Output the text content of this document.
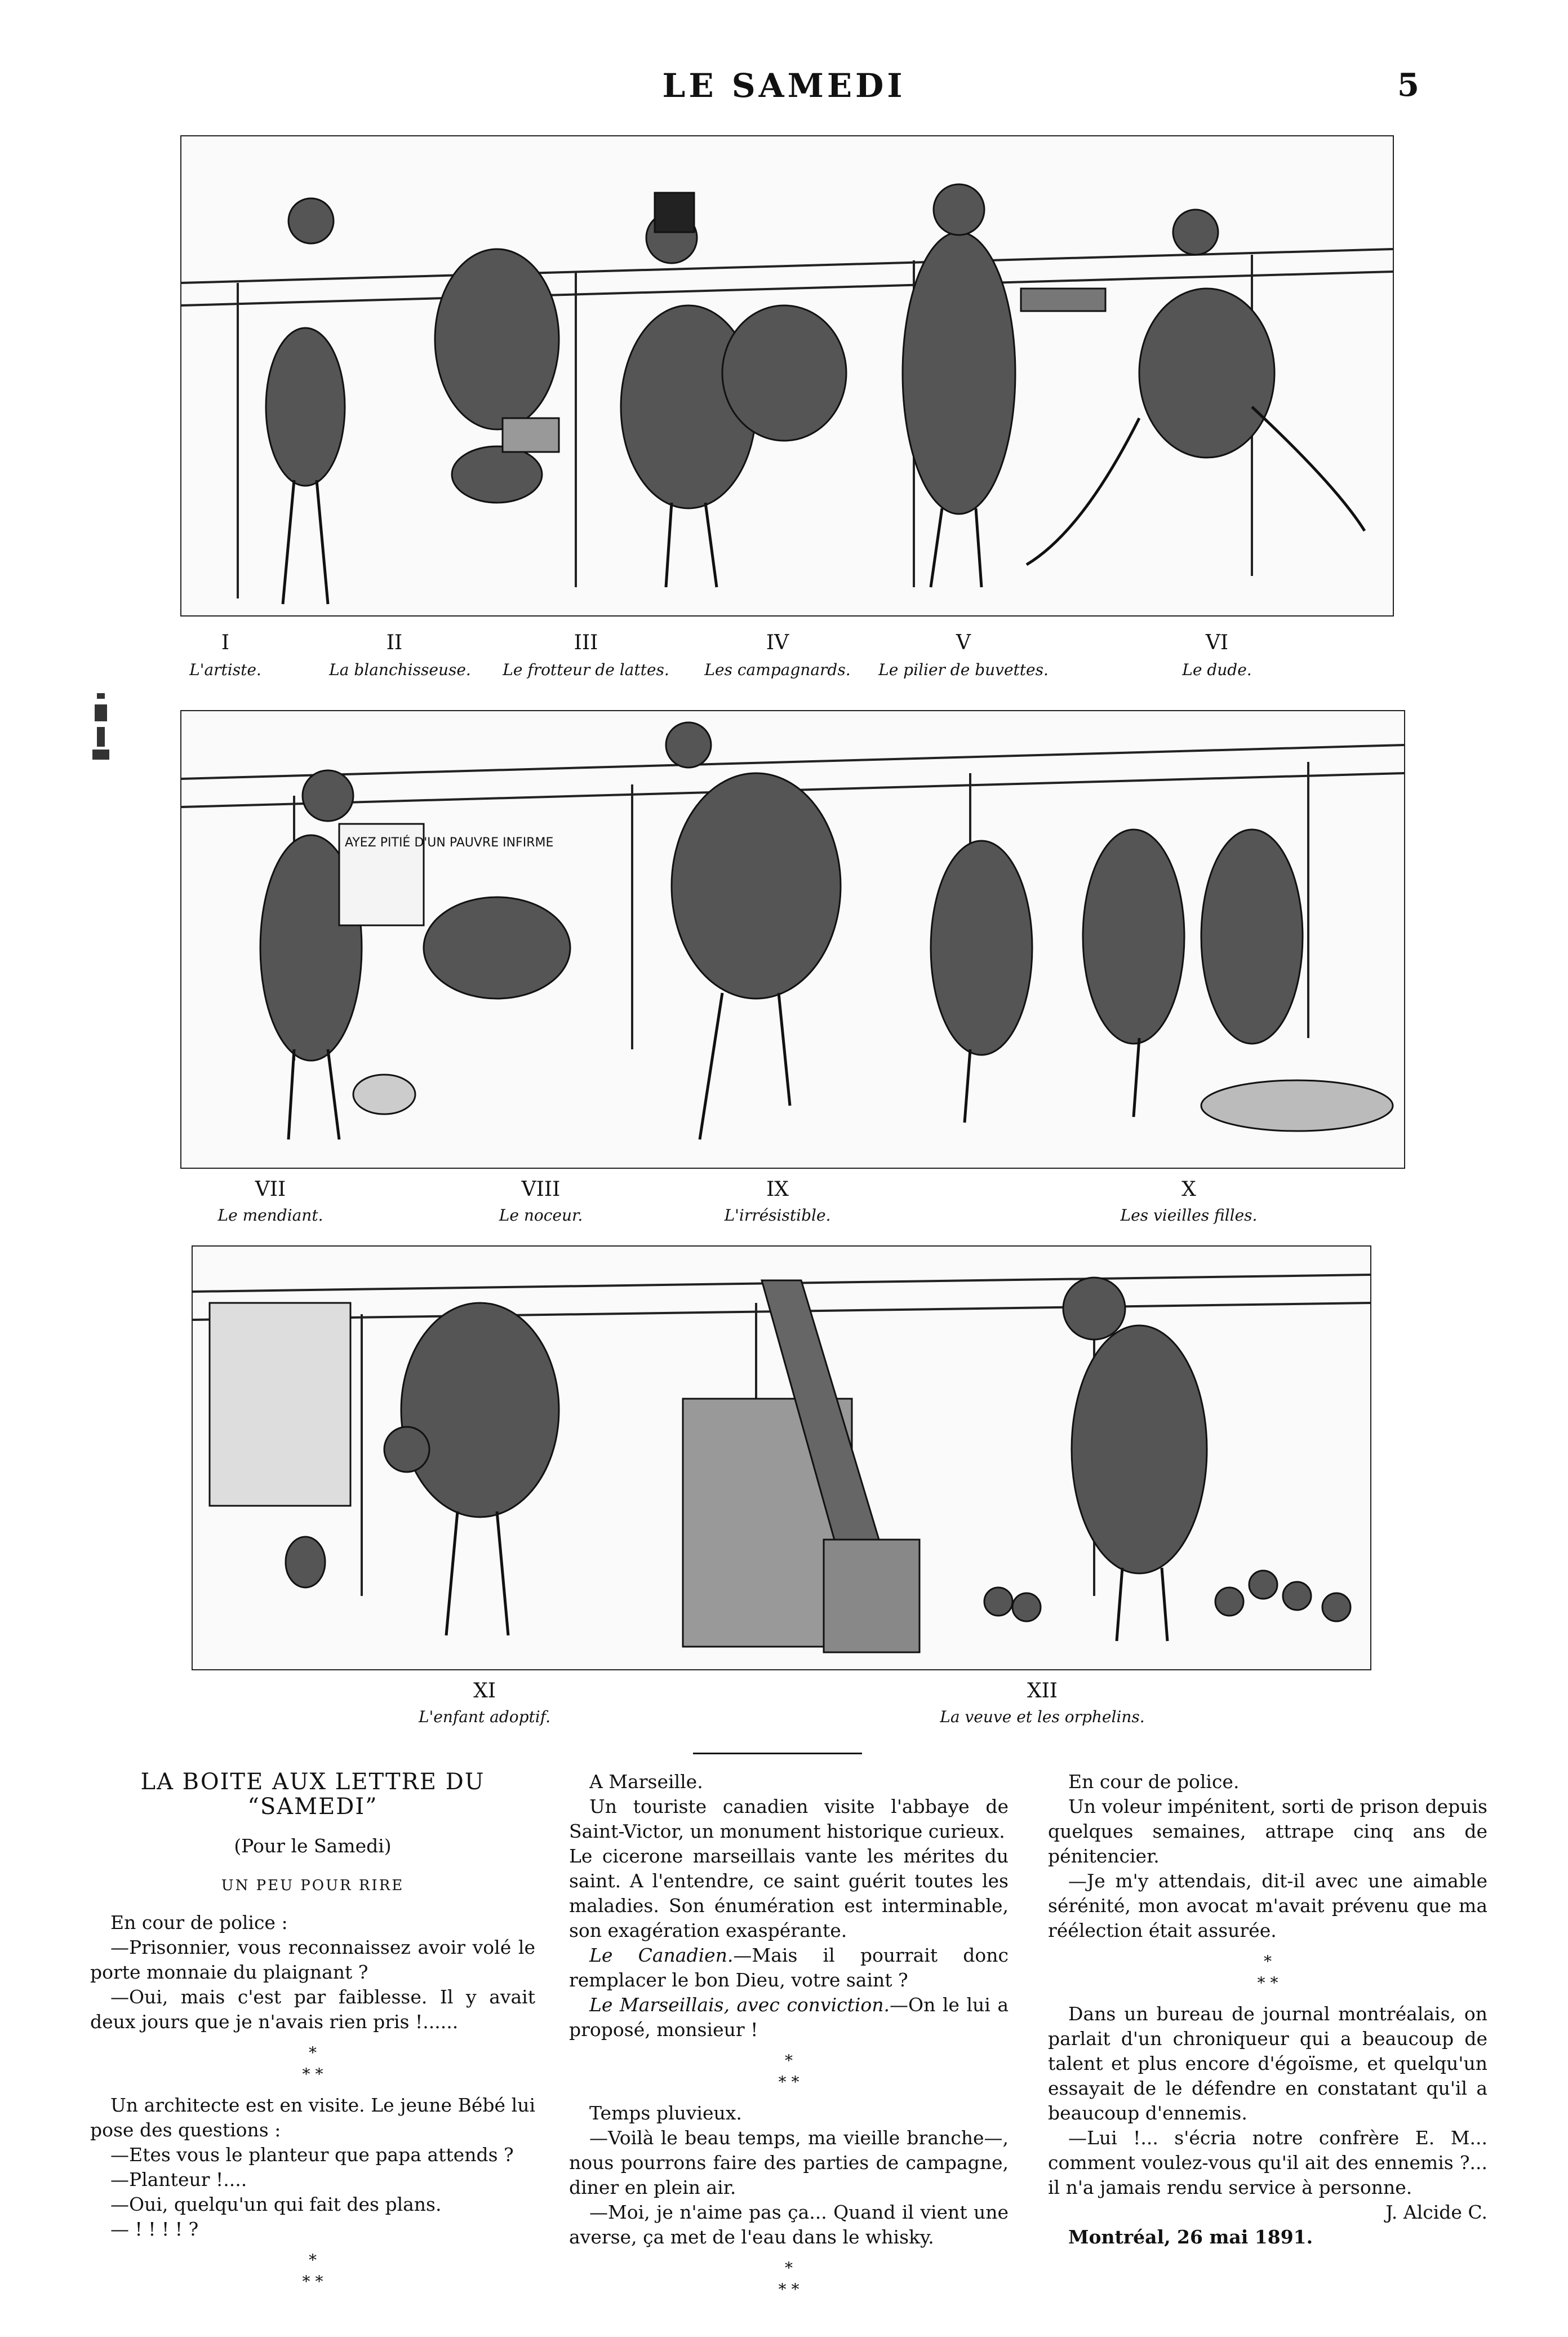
LE SAMEDI	5
I	II	III	IV	V	VI
L'artiste.	La blanchisseuse.	Le frotteur de lattes.	Les campagnards.	Le pilier de buvettes.	Le dude.
AYEZ PITIÉ D'UN PAUVRE INFIRME
VII	VIII	IX	X
Le mendiant.	Le noceur.	L'irrésistible.	Les vieilles filles.
XI	XII
L'enfant adoptif.	La veuve et les orphelins.
LA BOITE AUX LETTRE DU “SAMEDI”
(Pour le Samedi)
UN PEU POUR RIRE

En cour de police :

—Prisonnier, vous reconnaissez avoir volé le porte monnaie du plaignant ?

—Oui, mais c'est par faiblesse. Il y avait deux jours que je n'avais rien pris !......

*
* *

Un architecte est en visite. Le jeune Bébé lui pose des questions :

—Etes vous le planteur que papa attends ?

—Planteur !....

—Oui, quelqu'un qui fait des plans.

— ! ! ! ! ?

*
* *

A Marseille.

Un touriste canadien visite l'abbaye de Saint-Victor, un monument historique curieux.

Le cicerone marseillais vante les mérites du saint. A l'entendre, ce saint guérit toutes les maladies. Son énumération est interminable, son exagération exaspérante.

Le Canadien.—Mais il pourrait donc remplacer le bon Dieu, votre saint ?

Le Marseillais, avec conviction.—On le lui a proposé, monsieur !

*
* *

Temps pluvieux.

—Voilà le beau temps, ma vieille branche—, nous pourrons faire des parties de campagne, diner en plein air.

—Moi, je n'aime pas ça... Quand il vient une averse, ça met de l'eau dans le whisky.

*
* *

En cour de police.

Un voleur impénitent, sorti de prison depuis quelques semaines, attrape cinq ans de pénitencier.

—Je m'y attendais, dit-il avec une aimable sérénité, mon avocat m'avait prévenu que ma réélection était assurée.

*
* *

Dans un bureau de journal montréalais, on parlait d'un chroniqueur qui a beaucoup de talent et plus encore d'égoïsme, et quelqu'un essayait de le défendre en constatant qu'il a beaucoup d'ennemis.

—Lui !... s'écria notre confrère E. M... comment voulez-vous qu'il ait des ennemis ?... il n'a jamais rendu service à personne.

J. Alcide C.

Montréal, 26 mai 1891.
